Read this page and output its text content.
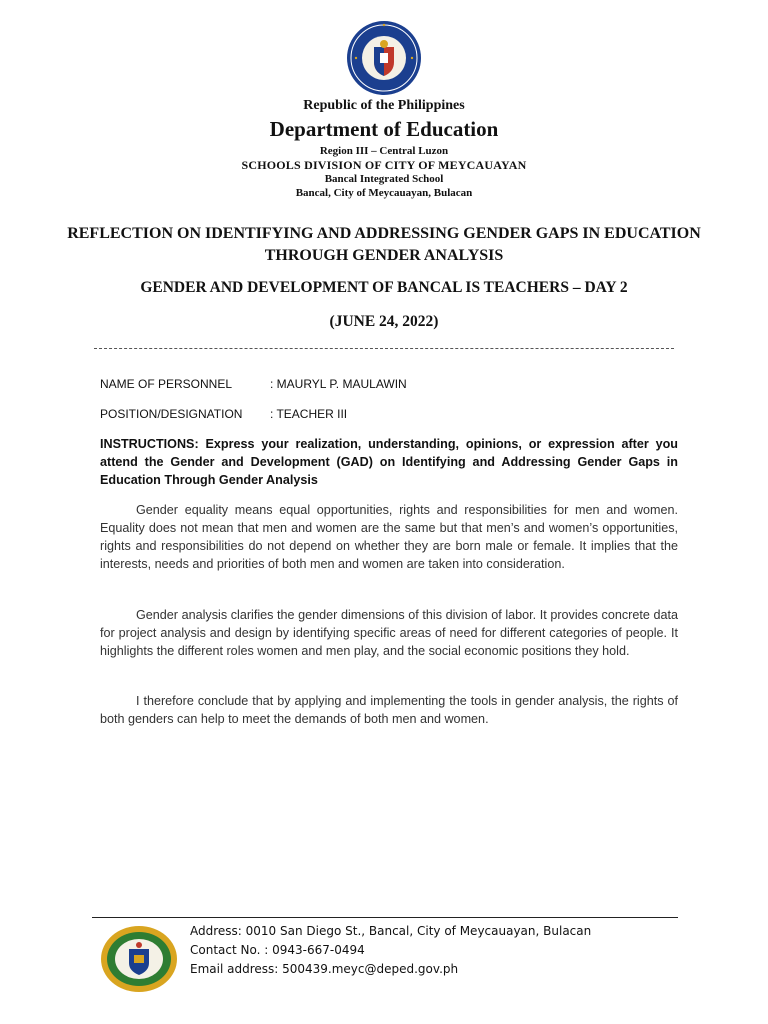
Republic of the Philippines
Department of Education
Region III – Central Luzon
SCHOOLS DIVISION OF CITY OF MEYCAUAYAN
Bancal Integrated School
Bancal, City of Meycauayan, Bulacan
REFLECTION ON IDENTIFYING AND ADDRESSING GENDER GAPS IN EDUCATION THROUGH GENDER ANALYSIS
GENDER AND DEVELOPMENT OF BANCAL IS TEACHERS – DAY 2
(JUNE 24, 2022)
NAME OF PERSONNEL	: MAURYL P. MAULAWIN
POSITION/DESIGNATION : TEACHER III
INSTRUCTIONS: Express your realization, understanding, opinions, or expression after you attend the Gender and Development (GAD) on Identifying and Addressing Gender Gaps in Education Through Gender Analysis

Gender equality means equal opportunities, rights and responsibilities for men and women. Equality does not mean that men and women are the same but that men’s and women’s opportunities, rights and responsibilities do not depend on whether they are born male or female. It implies that the interests, needs and priorities of both men and women are taken into consideration.

Gender analysis clarifies the gender dimensions of this division of labor. It provides concrete data for project analysis and design by identifying specific areas of need for different categories of people. It highlights the different roles women and men play, and the social economic positions they hold.

I therefore conclude that by applying and implementing the tools in gender analysis, the rights of both genders can help to meet the demands of both men and women.

Address: 0010 San Diego St., Bancal, City of Meycauayan, Bulacan
Contact No. : 0943-667-0494
Email address: 500439.meyc@deped.gov.ph
